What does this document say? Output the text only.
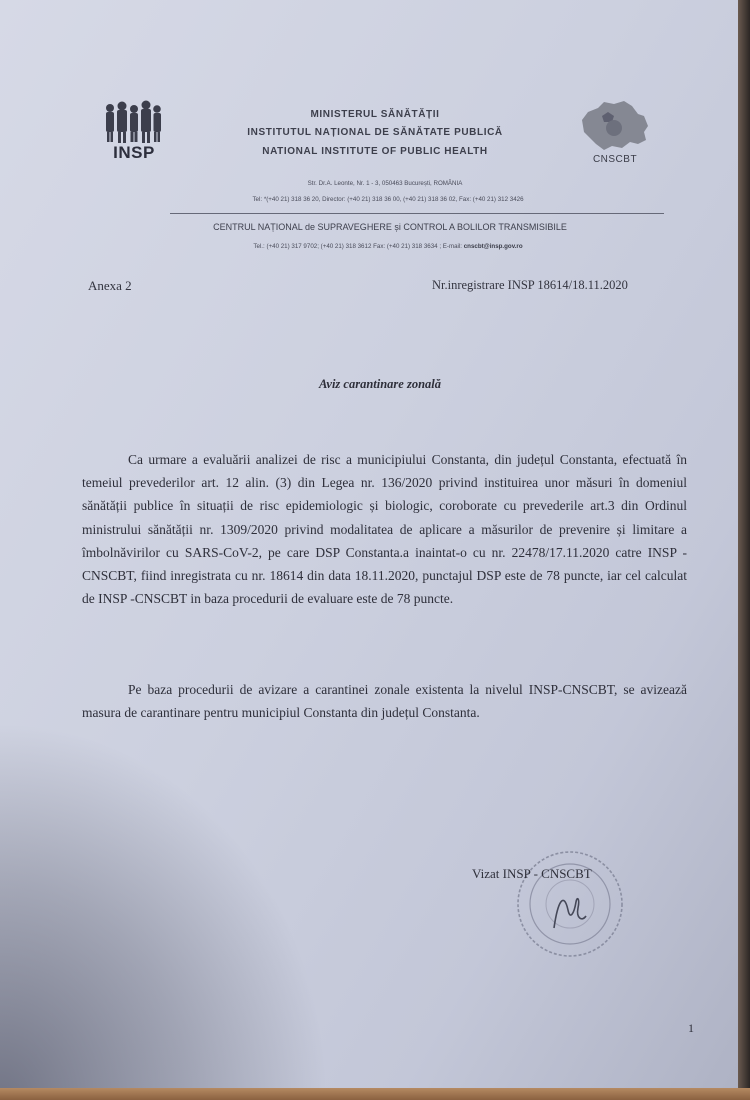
INSP
MINISTERUL SĂNĂTĂȚII
INSTITUTUL NAȚIONAL DE SĂNĂTATE PUBLICĂ
NATIONAL INSTITUTE OF PUBLIC HEALTH
CNSCBT
Str. Dr.A. Leonte, Nr. 1 - 3, 050463 București, ROMÂNIA
Tel: *(+40 21) 318 36 20, Director: (+40 21) 318 36 00, (+40 21) 318 36 02, Fax: (+40 21) 312 3426
CENTRUL NAȚIONAL de SUPRAVEGHERE și CONTROL A BOLILOR TRANSMISIBILE
Tel.: (+40 21) 317 9702; (+40 21) 318 3612 Fax: (+40 21) 318 3634 ; E-mail: cnscbt@insp.gov.ro
Anexa 2	Nr.inregistrare INSP 18614/18.11.2020
Aviz carantinare zonală
Ca urmare a evaluării analizei de risc a municipiului Constanta, din județul Constanta, efectuată în temeiul prevederilor art. 12 alin. (3) din Legea nr. 136/2020 privind instituirea unor măsuri în domeniul sănătății publice în situații de risc epidemiologic și biologic, coroborate cu prevederile art.3 din Ordinul ministrului sănătății nr. 1309/2020 privind modalitatea de aplicare a măsurilor de prevenire și limitare a îmbolnăvirilor cu SARS-CoV-2, pe care DSP Constanta.a inaintat-o cu nr. 22478/17.11.2020 catre INSP - CNSCBT, fiind inregistrata cu nr. 18614 din data 18.11.2020, punctajul DSP este de 78 puncte, iar cel calculat de INSP -CNSCBT in baza procedurii de evaluare este de 78 puncte.
Pe baza procedurii de avizare a carantinei zonale existenta la nivelul INSP-CNSCBT, se avizează masura de carantinare pentru municipiul Constanta din județul Constanta.
Vizat INSP - CNSCBT
1
